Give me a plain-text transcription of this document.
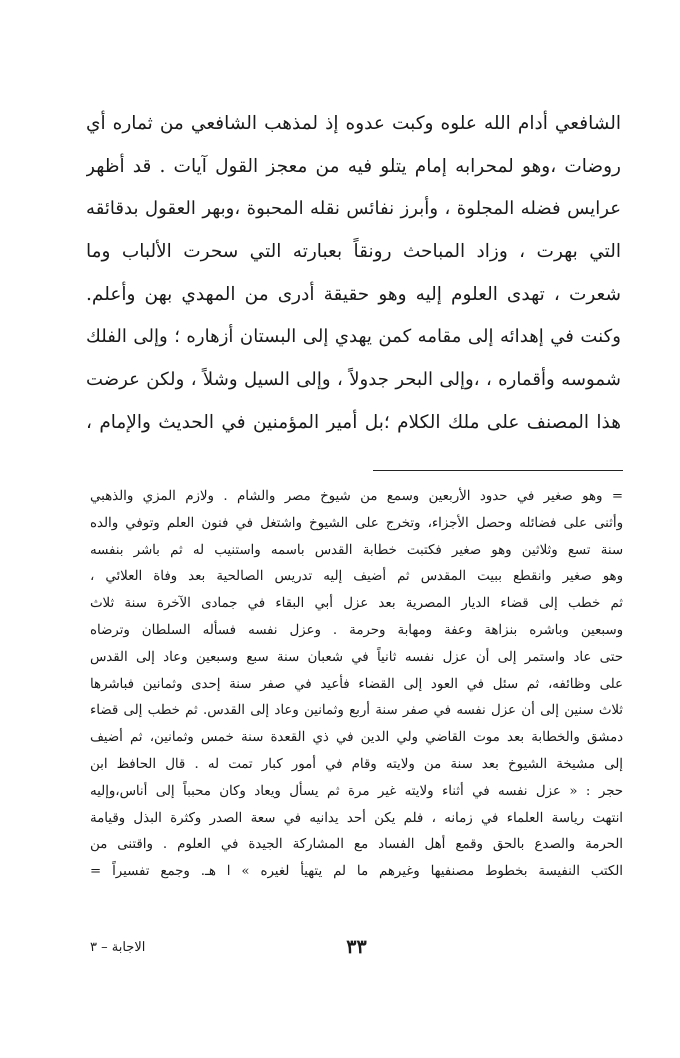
الشافعي أدام الله علوه وكبت عدوه إذ لمذهب الشافعي من ثماره أي
روضات ،وهو لمحرابه إمام يتلو فيه من معجز القول آيات . قد أظهر
عرايس فضله المجلوة ، وأبرز نفائس نقله المحبوة ،وبهر العقول بدقائقه
التي بهرت ، وزاد المباحث رونقاً بعبارته التي سحرت الألباب وما
شعرت ، تهدى العلوم إليه وهو حقيقة أدرى من المهدي بهن وأعلم.
وكنت في إهدائه إلى مقامه كمن يهدي إلى البستان أزهاره ؛ وإلى الفلك
شموسه وأقماره ، ،وإلى البحر جدولاً ، وإلى السيل وشلاً ، ولكن عرضت
هذا المصنف على ملك الكلام ؛بل أمير المؤمنين في الحديث والإمام ،
= وهو صغير في حدود الأربعين وسمع من شيوخ مصر والشام . ولازم المزي والذهبي
وأثنى على فضائله وحصل الأجزاء، وتخرج على الشيوخ واشتغل في فنون العلم وتوفي والده
سنة تسع وثلاثين وهو صغير فكتبت خطابة القدس باسمه واستنيب له ثم باشر بنفسه
وهو صغير وانقطع ببيت المقدس ثم أضيف إليه تدريس الصالحية بعد وفاة العلائي ،
ثم خطب إلى قضاء الديار المصرية بعد عزل أبي البقاء في جمادى الآخرة سنة ثلاث
وسبعين وباشره بنزاهة وعفة ومهابة وحرمة . وعزل نفسه فسأله السلطان وترضاه
حتى عاد واستمر إلى أن عزل نفسه ثانياً في شعبان سنة سبع وسبعين وعاد إلى القدس
على وظائفه، ثم سئل في العود إلى القضاء فأعيد في صفر سنة إحدى وثمانين فباشرها
ثلاث سنين إلى أن عزل نفسه في صفر سنة أربع وثمانين وعاد إلى القدس. ثم خطب إلى قضاء
دمشق والخطابة بعد موت القاضي ولي الدين في ذي القعدة سنة خمس وثمانين، ثم أضيف
إلى مشيخة الشيوخ بعد سنة من ولايته وقام في أمور كبار تمت له . قال الحافظ ابن
حجر : « عزل نفسه في أثناء ولايته غير مرة ثم يسأل ويعاد وكان محبباً إلى أناس،وإليه
انتهت رياسة العلماء في زمانه ، فلم يكن أحد يدانيه في سعة الصدر وكثرة البذل وقيامة
الحرمة والصدع بالحق وقمع أهل الفساد مع المشاركة الجيدة في العلوم . واقتنى من
الكتب النفيسة بخطوط مصنفيها وغيرهم ما لم يتهيأ لغيره » ا هـ. وجمع تفسيراً =
٣٣
الاجابة – ٣
